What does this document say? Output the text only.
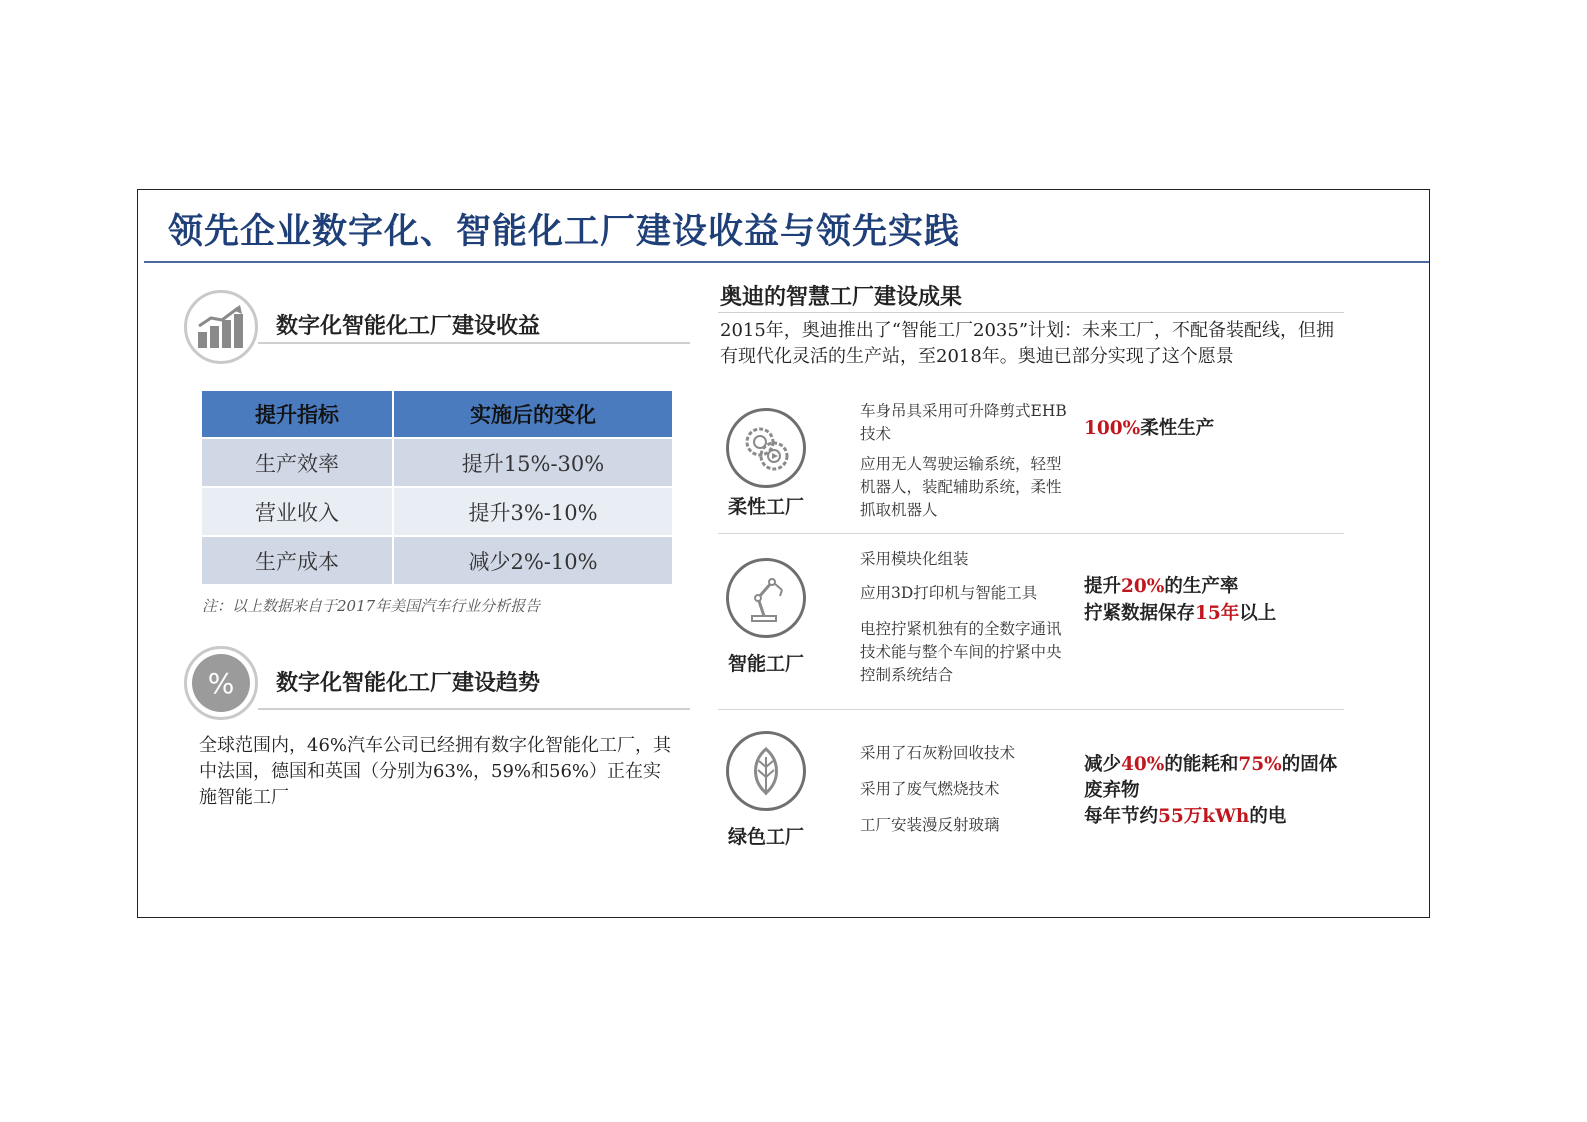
领先企业数字化、智能化工厂建设收益与领先实践
数字化智能化工厂建设收益
提升指标	实施后的变化
生产效率	提升15%-30%
营业收入	提升3%-10%
生产成本	减少2%-10%
注：以上数据来自于2017年美国汽车行业分析报告
% 数字化智能化工厂建设趋势
全球范围内，46%汽车公司已经拥有数字化智能化工厂，其中法国，德国和英国（分别为63%，59%和56%）正在实施智能工厂
奥迪的智慧工厂建设成果
2015年，奥迪推出了“智能工厂2035”计划：未来工厂，不配备装配线，但拥有现代化灵活的生产站，至2018年。奥迪已部分实现了这个愿景
柔性工厂
车身吊具采用可升降剪式EHB技术
应用无人驾驶运输系统，轻型机器人，装配辅助系统，柔性抓取机器人
100%柔性生产
智能工厂
采用模块化组装
应用3D打印机与智能工具
电控拧紧机独有的全数字通讯技术能与整个车间的拧紧中央控制系统结合
提升20%的生产率
拧紧数据保存15年以上
绿色工厂
采用了石灰粉回收技术
采用了废气燃烧技术
工厂安装漫反射玻璃
减少40%的能耗和75%的固体
废弃物
每年节约55万kWh的电
